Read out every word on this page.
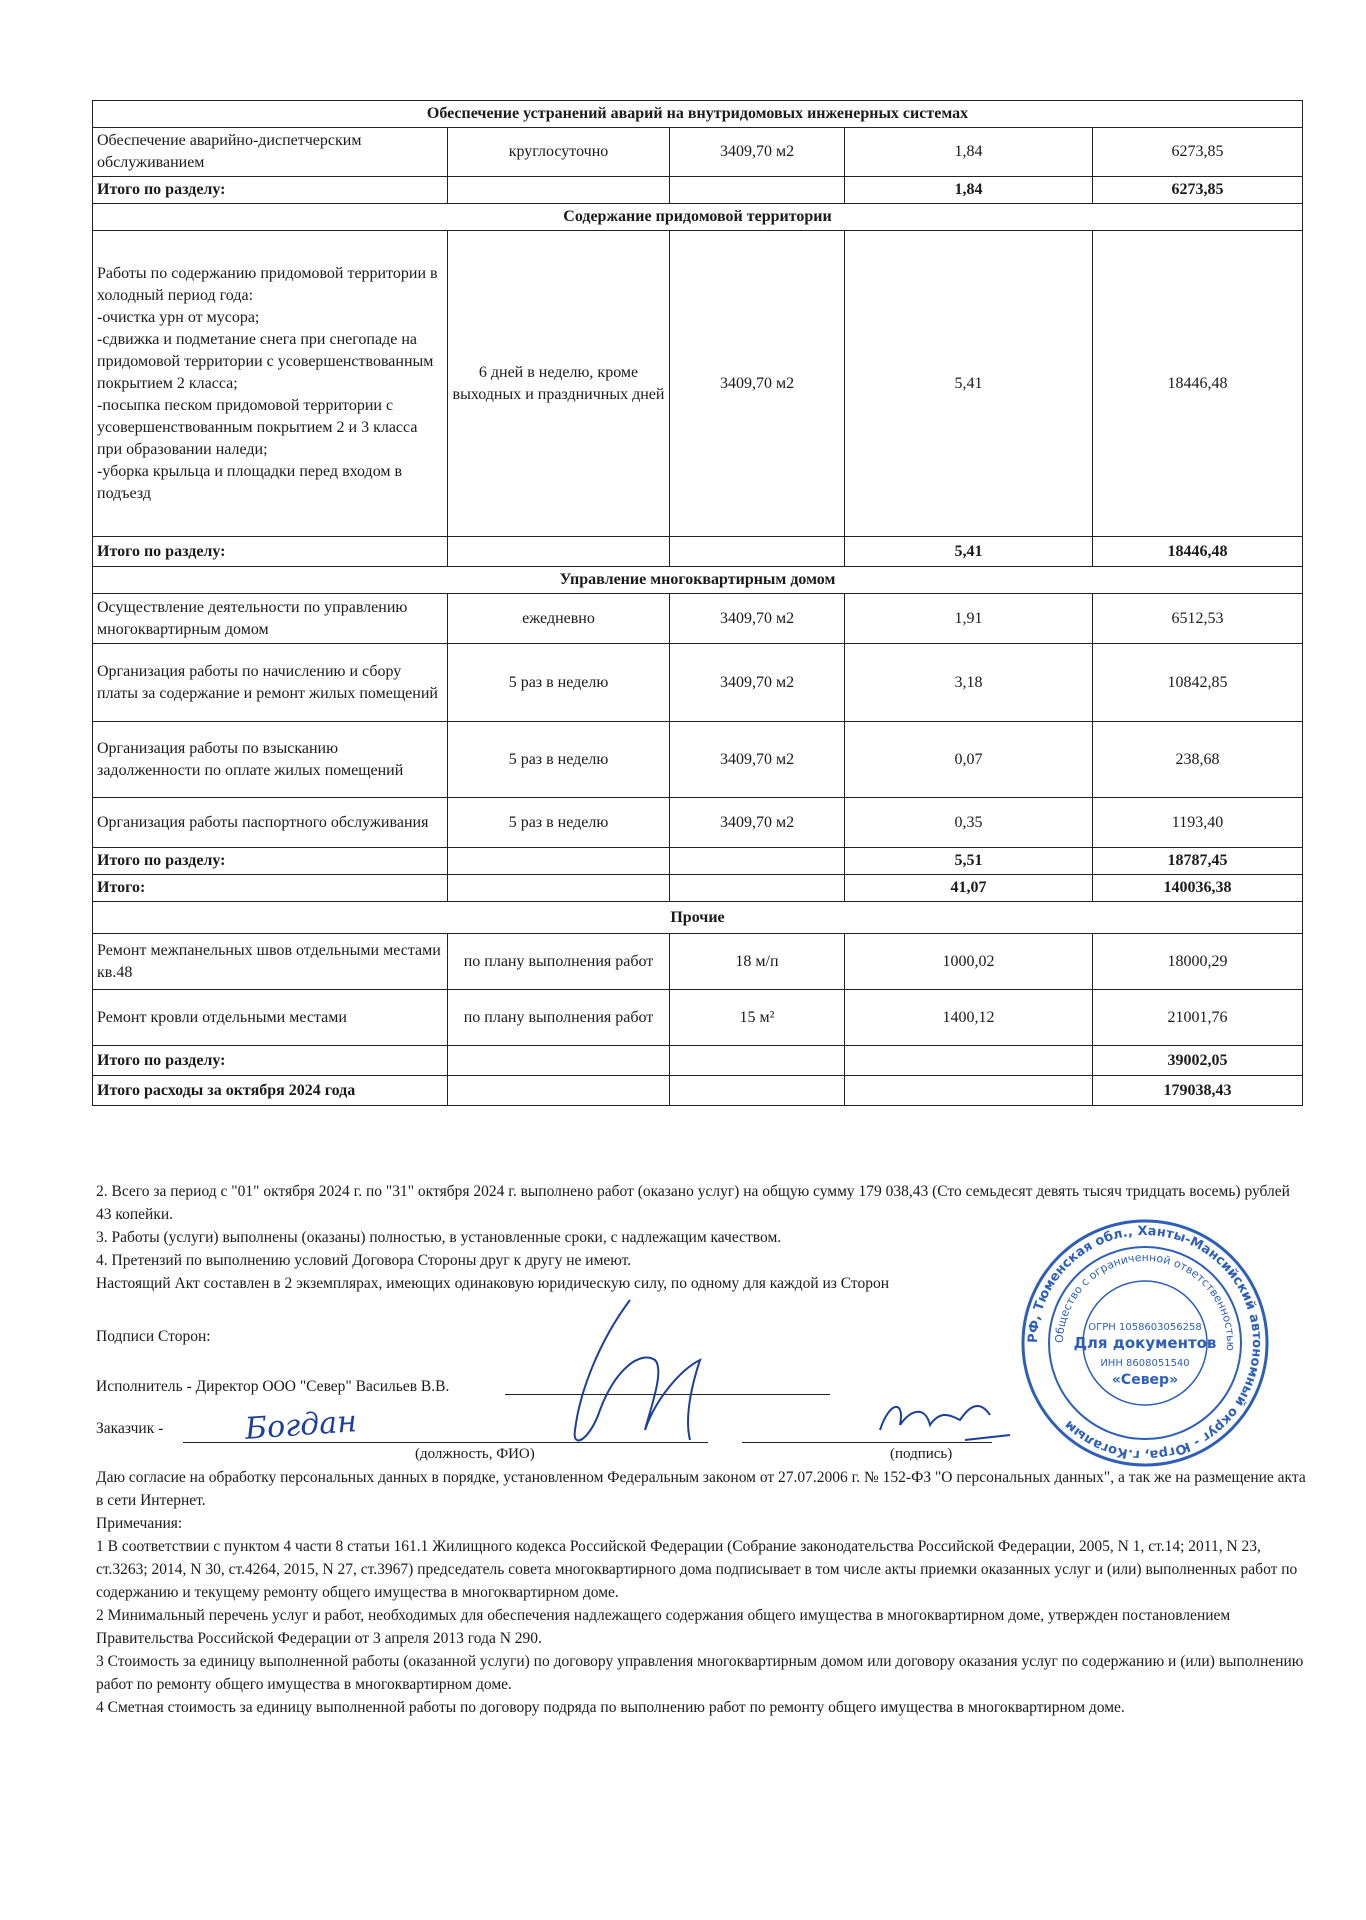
Обеспечение устранений аварий на внутридомовых инженерных системах				
Обеспечение аварийно-диспетчерским обслуживанием	круглосуточно	3409,70 м2	1,84	6273,85
Итого по разделу:			1,84	6273,85
Содержание придомовой территории				
Работы по содержанию придомовой территории в холодный период года:
-очистка урн от мусора;
-сдвижка и подметание снега при снегопаде на придомовой территории с усовершенствованным покрытием 2 класса;
-посыпка песком придомовой территории с усовершенствованным покрытием 2 и 3 класса при образовании наледи;
-уборка крыльца и площадки перед входом в подъезд	6 дней в неделю, кроме выходных и праздничных дней	3409,70 м2	5,41	18446,48
Итого по разделу:			5,41	18446,48
Управление многоквартирным домом				
Осуществление деятельности по управлению многоквартирным домом	ежедневно	3409,70 м2	1,91	6512,53
Организация работы по начислению и сбору платы за содержание и ремонт жилых помещений	5 раз в неделю	3409,70 м2	3,18	10842,85
Организация работы по взысканию задолженности по оплате жилых помещений	5 раз в неделю	3409,70 м2	0,07	238,68
Организация работы паспортного обслуживания	5 раз в неделю	3409,70 м2	0,35	1193,40
Итого по разделу:			5,51	18787,45
Итого:			41,07	140036,38
Прочие				
Ремонт межпанельных швов отдельными местами кв.48	по плану выполнения работ	18 м/п	1000,02	18000,29
Ремонт кровли отдельными местами	по плану выполнения работ	15 м²	1400,12	21001,76
Итого по разделу:				39002,05
Итого расходы за октября 2024 года				179038,43

2. Всего за период с "01" октября 2024 г. по "31" октября 2024 г. выполнено работ (оказано услуг) на общую сумму 179 038,43 (Сто семьдесят девять тысяч тридцать восемь) рублей 43 копейки.

3. Работы (услуги) выполнены (оказаны) полностью, в установленные сроки, с надлежащим качеством.

4. Претензий по выполнению условий Договора Стороны друг к другу не имеют.

Настоящий Акт составлен в 2 экземплярах, имеющих одинаковую юридическую силу, по одному для каждой из Сторон

Подписи Сторон:
Исполнитель - Директор ООО "Север" Васильев В.В.
Заказчик -	Богдан
(должность, ФИО)	(подпись)
РФ, Тюменская обл., Ханты-Мансийский автономный округ - Югра, г.Когалым
Общество с ограниченной ответственностью
ОГРН 1058603056258
Для документов
ИНН 8608051540
«Север»

Даю согласие на обработку персональных данных в порядке, установленном Федеральным законом от 27.07.2006 г. № 152-ФЗ "О персональных данных", а так же на размещение акта в сети Интернет.

Примечания:

1 В соответствии с пунктом 4 части 8 статьи 161.1 Жилищного кодекса Российской Федерации (Собрание законодательства Российской Федерации, 2005, N 1, ст.14; 2011, N 23, ст.3263; 2014, N 30, ст.4264, 2015, N 27, ст.3967) председатель совета многоквартирного дома подписывает в том числе акты приемки оказанных услуг и (или) выполненных работ по содержанию и текущему ремонту общего имущества в многоквартирном доме.

2 Минимальный перечень услуг и работ, необходимых для обеспечения надлежащего содержания общего имущества в многоквартирном доме, утвержден постановлением Правительства Российской Федерации от 3 апреля 2013 года N 290.

3 Стоимость за единицу выполненной работы (оказанной услуги) по договору управления многоквартирным домом или договору оказания услуг по содержанию и (или) выполнению работ по ремонту общего имущества в многоквартирном доме.

4 Сметная стоимость за единицу выполненной работы по договору подряда по выполнению работ по ремонту общего имущества в многоквартирном доме.
